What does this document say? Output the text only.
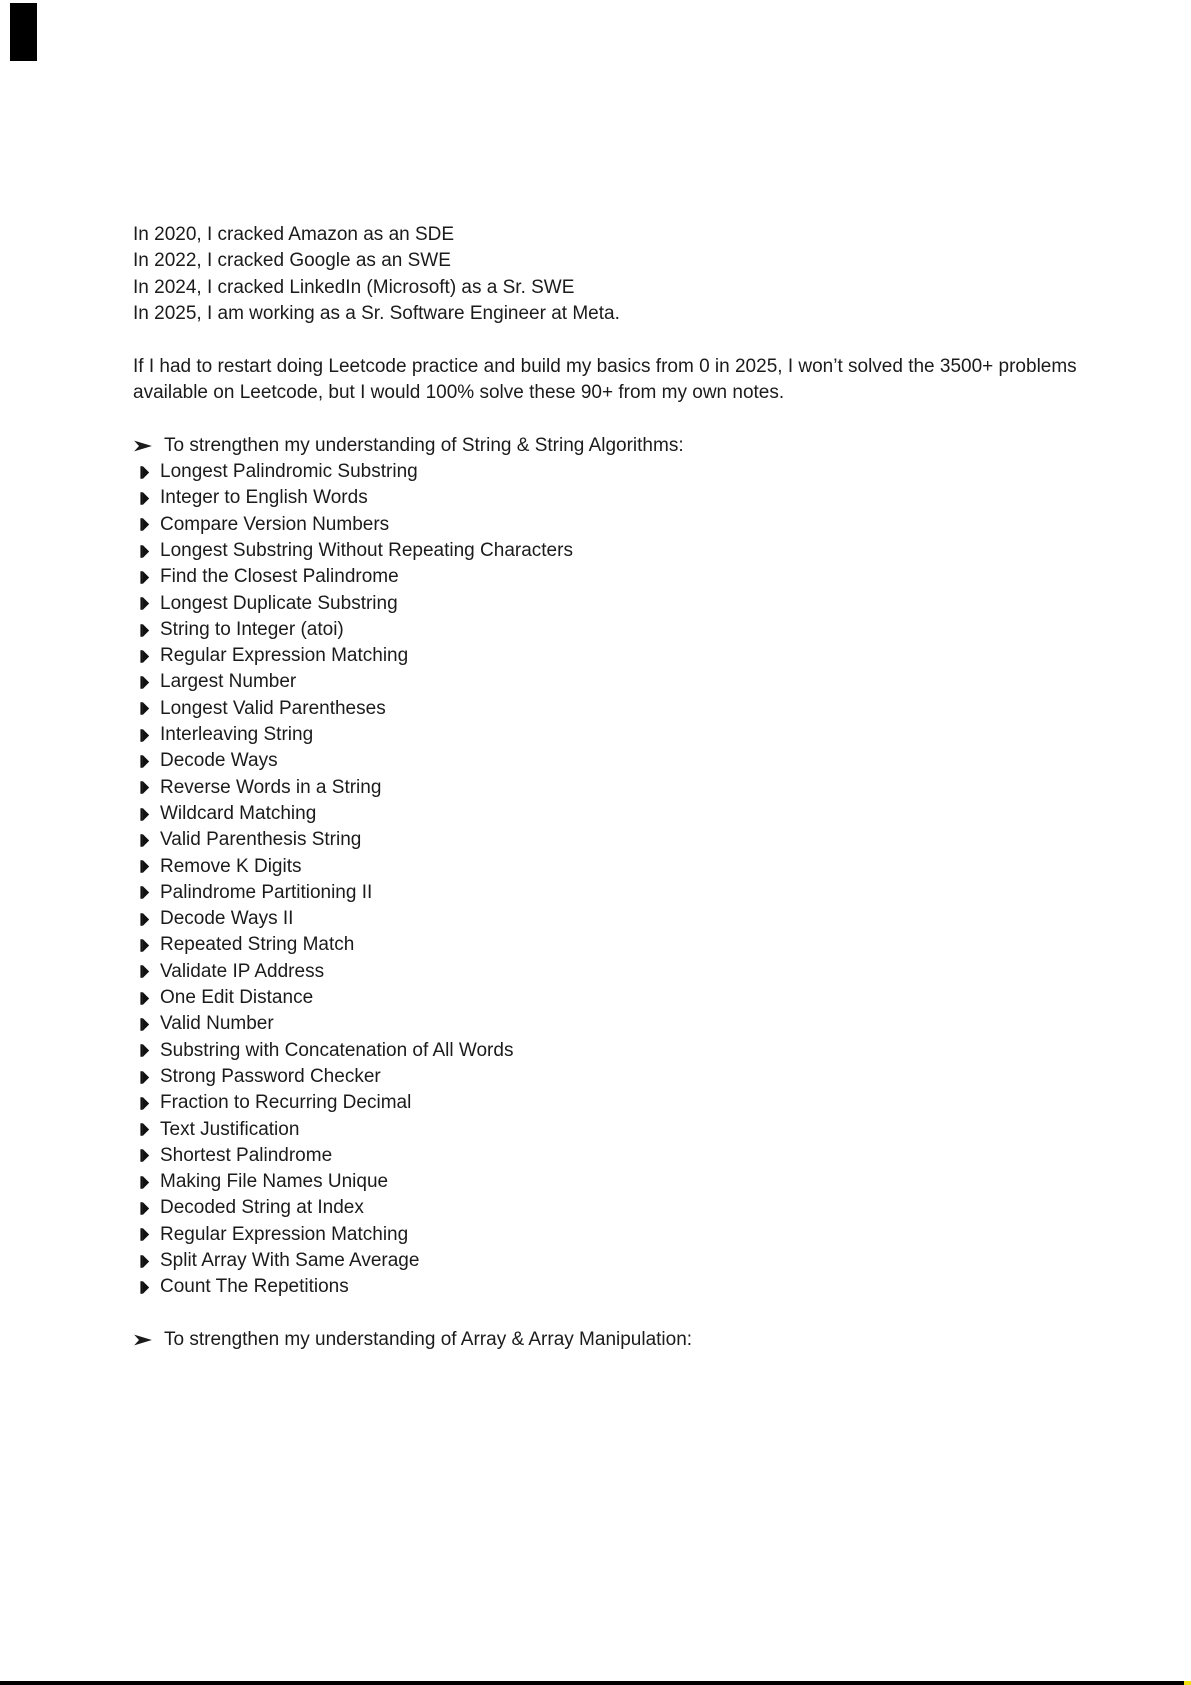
In 2020, I cracked Amazon as an SDE
In 2022, I cracked Google as an SWE
In 2024, I cracked LinkedIn (Microsoft) as a Sr. SWE
In 2025, I am working as a Sr. Software Engineer at Meta.
If I had to restart doing Leetcode practice and build my basics from 0 in 2025, I won’t solved the 3500+ problems available on Leetcode, but I would 100% solve these 90+ from my own notes.
To strengthen my understanding of String & String Algorithms:
Longest Palindromic Substring
Integer to English Words
Compare Version Numbers
Longest Substring Without Repeating Characters
Find the Closest Palindrome
Longest Duplicate Substring
String to Integer (atoi)
Regular Expression Matching
Largest Number
Longest Valid Parentheses
Interleaving String
Decode Ways
Reverse Words in a String
Wildcard Matching
Valid Parenthesis String
Remove K Digits
Palindrome Partitioning II
Decode Ways II
Repeated String Match
Validate IP Address
One Edit Distance
Valid Number
Substring with Concatenation of All Words
Strong Password Checker
Fraction to Recurring Decimal
Text Justification
Shortest Palindrome
Making File Names Unique
Decoded String at Index
Regular Expression Matching
Split Array With Same Average
Count The Repetitions
To strengthen my understanding of Array & Array Manipulation:
